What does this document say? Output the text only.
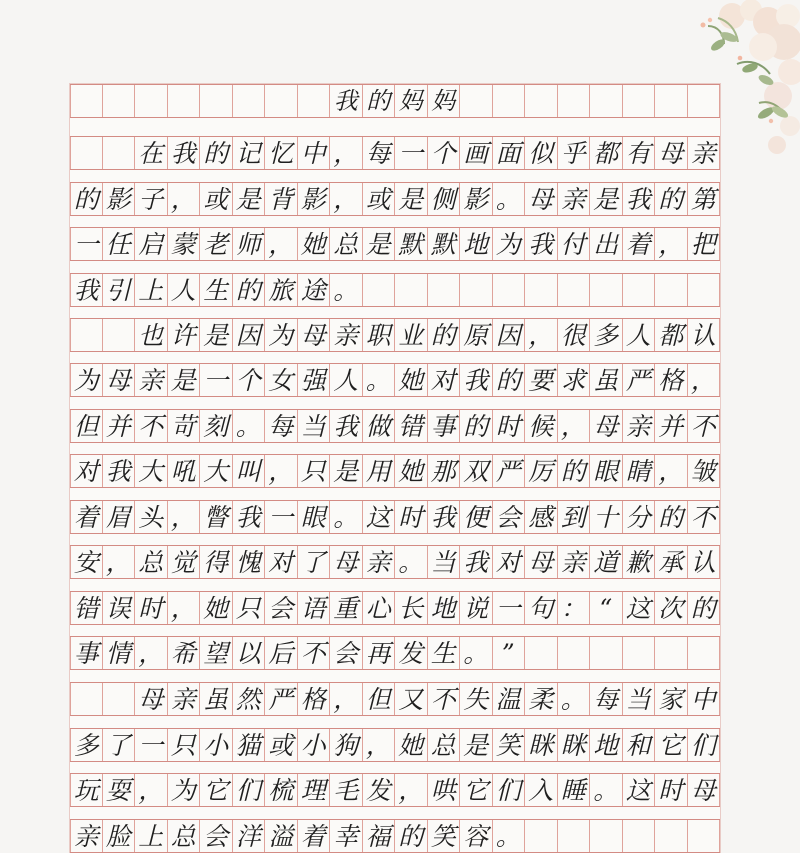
我 的 妈 妈
在 我 的 记 忆 中 ， 每 一 个 画 面 似 乎 都 有 母 亲
的 影 子 ， 或 是 背 影 ， 或 是 侧 影 。 母 亲 是 我 的 第
一 任 启 蒙 老 师 ， 她 总 是 默 默 地 为 我 付 出 着 ， 把
我 引 上 人 生 的 旅 途 。
也 许 是 因 为 母 亲 职 业 的 原 因 ， 很 多 人 都 认
为 母 亲 是 一 个 女 强 人 。 她 对 我 的 要 求 虽 严 格 ，
但 并 不 苛 刻 。 每 当 我 做 错 事 的 时 候 ， 母 亲 并 不
对 我 大 吼 大 叫 ， 只 是 用 她 那 双 严 厉 的 眼 睛 ， 皱
着 眉 头 ， 瞥 我 一 眼 。 这 时 我 便 会 感 到 十 分 的 不
安 ， 总 觉 得 愧 对 了 母 亲 。 当 我 对 母 亲 道 歉 承 认
错 误 时 ， 她 只 会 语 重 心 长 地 说 一 句 ： “ 这 次 的
事 情 ， 希 望 以 后 不 会 再 发 生 。 ”
母 亲 虽 然 严 格 ， 但 又 不 失 温 柔 。 每 当 家 中
多 了 一 只 小 猫 或 小 狗 ， 她 总 是 笑 眯 眯 地 和 它 们
玩 耍 ， 为 它 们 梳 理 毛 发 ， 哄 它 们 入 睡 。 这 时 母
亲 脸 上 总 会 洋 溢 着 幸 福 的 笑 容 。
